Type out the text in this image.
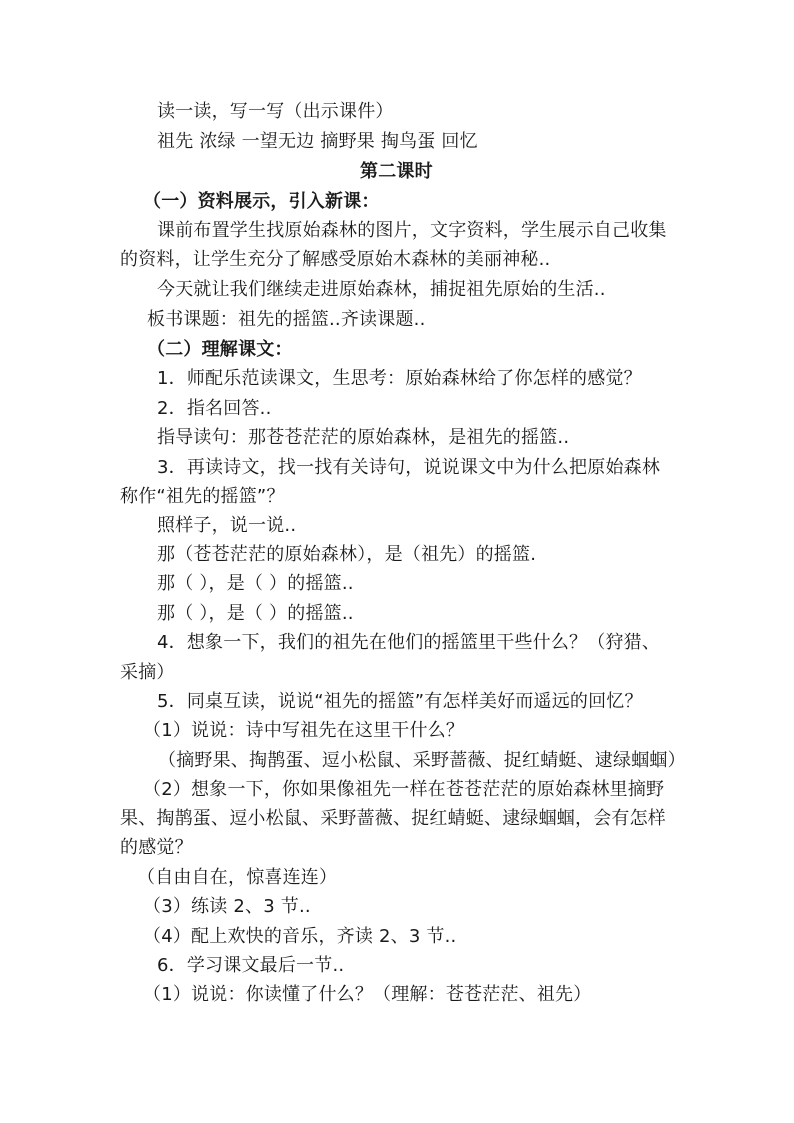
读一读，写一写（出示课件）
祖先 浓绿 一望无边 摘野果 掏鸟蛋 回忆
第二课时
（一）资料展示，引入新课：
课前布置学生找原始森林的图片，文字资料，学生展示自己收集
的资料，让学生充分了解感受原始木森林的美丽神秘..
今天就让我们继续走进原始森林，捕捉祖先原始的生活..
板书课题：祖先的摇篮..齐读课题..
（二）理解课文：
1．师配乐范读课文，生思考：原始森林给了你怎样的感觉？
2．指名回答..
指导读句：那苍苍茫茫的原始森林，是祖先的摇篮..
3．再读诗文，找一找有关诗句，说说课文中为什么把原始森林
称作“祖先的摇篮”？
照样子，说一说..
那（苍苍茫茫的原始森林），是（祖先）的摇篮.
那（ ），是（ ）的摇篮..
那（ ），是（ ）的摇篮..
4．想象一下，我们的祖先在他们的摇篮里干些什么？（狩猎、
采摘）
5．同桌互读，说说“祖先的摇篮”有怎样美好而遥远的回忆？
（1）说说：诗中写祖先在这里干什么？
（摘野果、掏鹊蛋、逗小松鼠、采野蔷薇、捉红蜻蜓、逮绿蝈蝈）
（2）想象一下，你如果像祖先一样在苍苍茫茫的原始森林里摘野
果、掏鹊蛋、逗小松鼠、采野蔷薇、捉红蜻蜓、逮绿蝈蝈，会有怎样
的感觉？
（自由自在，惊喜连连）
（3）练读 2、3 节..
（4）配上欢快的音乐，齐读 2、3 节..
6．学习课文最后一节..
（1）说说：你读懂了什么？（理解：苍苍茫茫、祖先）
